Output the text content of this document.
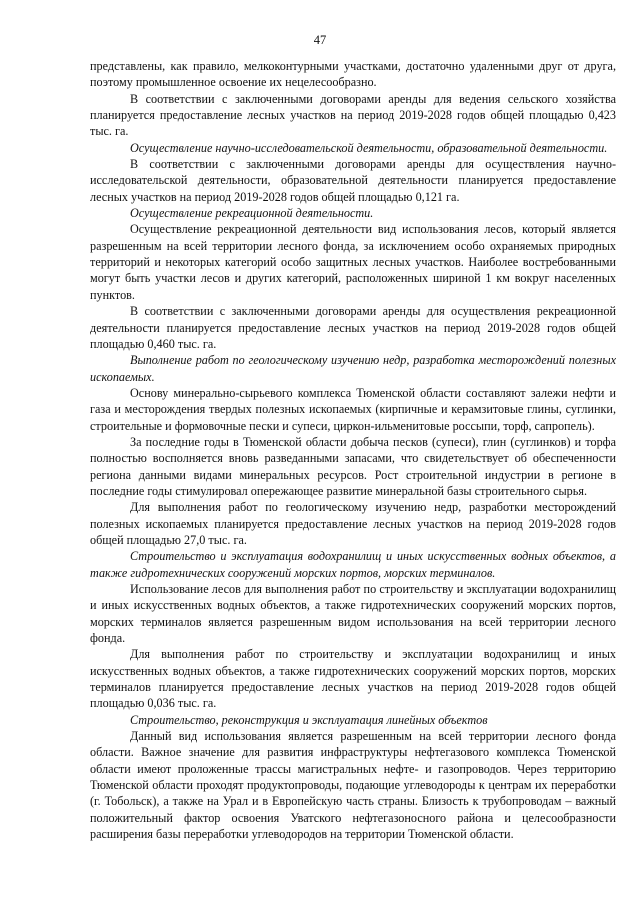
47

представлены, как правило, мелкоконтурными участками, достаточно удаленными друг от друга, поэтому промышленное освоение их нецелесообразно.

В соответствии с заключенными договорами аренды для ведения сельского хозяйства планируется предоставление лесных участков на период 2019-2028 годов общей площадью 0,423 тыс. га.

Осуществление научно-исследовательской деятельности, образовательной деятельности.

В соответствии с заключенными договорами аренды для осуществления научно-исследовательской деятельности, образовательной деятельности планируется предоставление лесных участков на период 2019-2028 годов общей площадью 0,121 га.

Осуществление рекреационной деятельности.

Осуществление рекреационной деятельности вид использования лесов, который является разрешенным на всей территории лесного фонда, за исключением особо охраняемых природных территорий и некоторых категорий особо защитных лесных участков. Наиболее востребованными могут быть участки лесов и других категорий, расположенных шириной 1 км вокруг населенных пунктов.

В соответствии с заключенными договорами аренды для осуществления рекреационной деятельности планируется предоставление лесных участков на период 2019-2028 годов общей площадью 0,460 тыс. га.

Выполнение работ по геологическому изучению недр, разработка месторождений полезных ископаемых.

Основу минерально-сырьевого комплекса Тюменской области составляют залежи нефти и газа и месторождения твердых полезных ископаемых (кирпичные и керамзитовые глины, суглинки, строительные и формовочные пески и супеси, циркон-ильменитовые россыпи, торф, сапропель).

За последние годы в Тюменской области добыча песков (супеси), глин (суглинков) и торфа полностью восполняется вновь разведанными запасами, что свидетельствует об обеспеченности региона данными видами минеральных ресурсов. Рост строительной индустрии в регионе в последние годы стимулировал опережающее развитие минеральной базы строительного сырья.

Для выполнения работ по геологическому изучению недр, разработки месторождений полезных ископаемых планируется предоставление лесных участков на период 2019-2028 годов общей площадью 27,0 тыс. га.

Строительство и эксплуатация водохранилищ и иных искусственных водных объектов, а также гидротехнических сооружений морских портов, морских терминалов.

Использование лесов для выполнения работ по строительству и эксплуатации водохранилищ и иных искусственных водных объектов, а также гидротехнических сооружений морских портов, морских терминалов является разрешенным видом использования на всей территории лесного фонда.

Для выполнения работ по строительству и эксплуатации водохранилищ и иных искусственных водных объектов, а также гидротехнических сооружений морских портов, морских терминалов планируется предоставление лесных участков на период 2019-2028 годов общей площадью 0,036 тыс. га.

Строительство, реконструкция и эксплуатация линейных объектов

Данный вид использования является разрешенным на всей территории лесного фонда области. Важное значение для развития инфраструктуры нефтегазового комплекса Тюменской области имеют проложенные трассы магистральных нефте- и газопроводов. Через территорию Тюменской области проходят продуктопроводы, подающие углеводороды к центрам их переработки (г. Тобольск), а также на Урал и в Европейскую часть страны. Близость к трубопроводам – важный положительный фактор освоения Уватского нефтегазоносного района и целесообразности расширения базы переработки углеводородов на территории Тюменской области.
